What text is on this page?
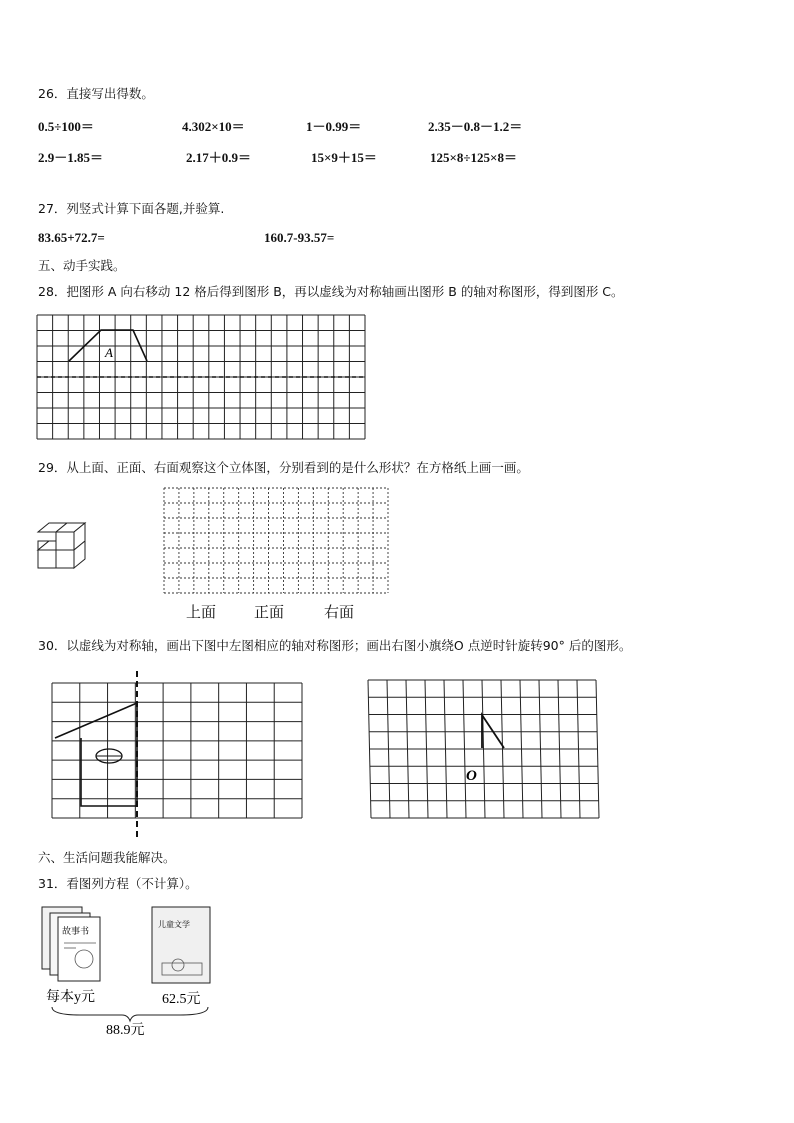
26．直接写出得数。
0.5÷100＝	4.302×10＝	1－0.99＝	2.35－0.8－1.2＝
2.9－1.85＝	2.17＋0.9＝	15×9＋15＝	125×8÷125×8＝
27．列竖式计算下面各题,并验算.
83.65+72.7=	160.7-93.57=
五、动手实践。
28．把图形 A 向右移动 12 格后得到图形 B，再以虚线为对称轴画出图形 B 的轴对称图形，得到图形 C。
A
29．从上面、正面、右面观察这个立体图，分别看到的是什么形状？在方格纸上画一画。
上面	正面	右面
30．以虚线为对称轴，画出下图中左图相应的轴对称图形；画出右图小旗绕O 点逆时针旋转90° 后的图形。
O
六、生活问题我能解决。
31．看图列方程（不计算）。
故事书
儿童文学
每本y元	62.5元
88.9元
